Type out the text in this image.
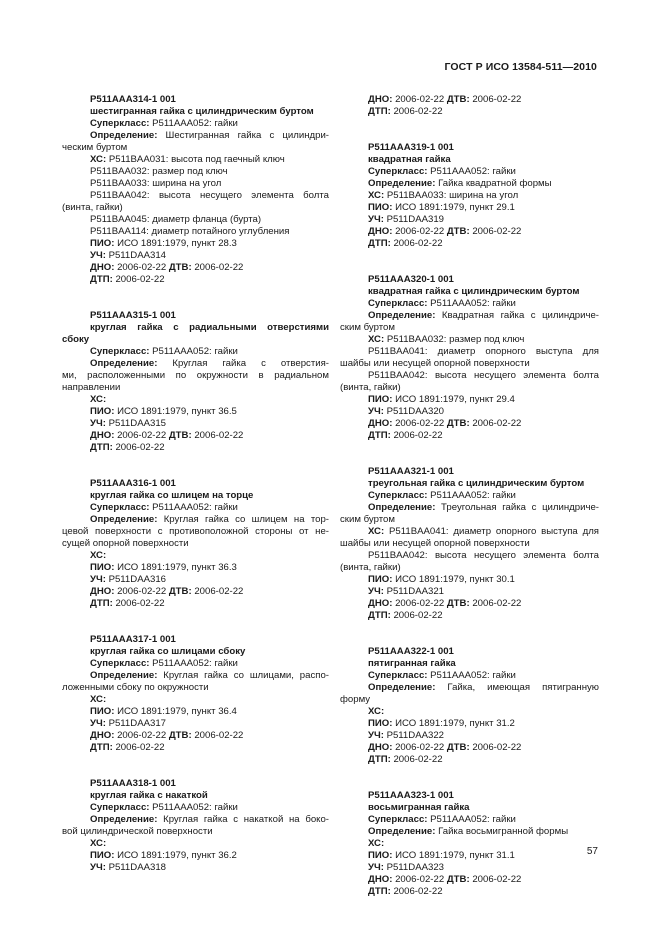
ГОСТ Р ИСО 13584-511—2010
P511AAA314-1 001
шестигранная гайка с цилиндрическим буртом
Суперкласс: P511AAA052: гайки
Определение: Шестигранная гайка с цилиндри-
ческим буртом
ХС: P511BAA031: высота под гаечный ключ
P511BAA032: размер под ключ
P511BAA033: ширина на угол
P511BAA042: высота несущего элемента болта
(винта, гайки)
P511BAA045: диаметр фланца (бурта)
P511BAA114: диаметр потайного углубления
ПИО: ИСО 1891:1979, пункт 28.3
УЧ: P511DAA314
ДНО: 2006-02-22 ДТВ: 2006-02-22
ДТП: 2006-02-22
P511AAA315-1 001
круглая гайка с радиальными отверстиями
сбоку
Суперкласс: P511AAA052: гайки
Определение: Круглая гайка с отверстия-
ми, расположенными по окружности в радиальном
направлении
ХС:
ПИО: ИСО 1891:1979, пункт 36.5
УЧ: P511DAA315
ДНО: 2006-02-22 ДТВ: 2006-02-22
ДТП: 2006-02-22
P511AAA316-1 001
круглая гайка со шлицем на торце
Суперкласс: P511AAA052: гайки
Определение: Круглая гайка со шлицем на тор-
цевой поверхности с противоположной стороны от не-
сущей опорной поверхности
ХС:
ПИО: ИСО 1891:1979, пункт 36.3
УЧ: P511DAA316
ДНО: 2006-02-22 ДТВ: 2006-02-22
ДТП: 2006-02-22
P511AAA317-1 001
круглая гайка со шлицами сбоку
Суперкласс: P511AAA052: гайки
Определение: Круглая гайка со шлицами, распо-
ложенными сбоку по окружности
ХС:
ПИО: ИСО 1891:1979, пункт 36.4
УЧ: P511DAA317
ДНО: 2006-02-22 ДТВ: 2006-02-22
ДТП: 2006-02-22
P511AAA318-1 001
круглая гайка с накаткой
Суперкласс: P511AAA052: гайки
Определение: Круглая гайка с накаткой на боко-
вой цилиндрической поверхности
ХС:
ПИО: ИСО 1891:1979, пункт 36.2
УЧ: P511DAA318
ДНО: 2006-02-22 ДТВ: 2006-02-22
ДТП: 2006-02-22
P511AAA319-1 001
квадратная гайка
Суперкласс: P511AAA052: гайки
Определение: Гайка квадратной формы
ХС: P511BAA033: ширина на угол
ПИО: ИСО 1891:1979, пункт 29.1
УЧ: P511DAA319
ДНО: 2006-02-22 ДТВ: 2006-02-22
ДТП: 2006-02-22
P511AAA320-1 001
квадратная гайка с цилиндрическим буртом
Суперкласс: P511AAA052: гайки
Определение: Квадратная гайка с цилиндриче-
ским буртом
ХС: P511BAA032: размер под ключ
P511BAA041: диаметр опорного выступа для
шайбы или несущей опорной поверхности
P511BAA042: высота несущего элемента болта
(винта, гайки)
ПИО: ИСО 1891:1979, пункт 29.4
УЧ: P511DAA320
ДНО: 2006-02-22 ДТВ: 2006-02-22
ДТП: 2006-02-22
P511AAA321-1 001
треугольная гайка с цилиндрическим буртом
Суперкласс: P511AAA052: гайки
Определение: Треугольная гайка с цилиндриче-
ским буртом
ХС: P511BAA041: диаметр опорного выступа для
шайбы или несущей опорной поверхности
P511BAA042: высота несущего элемента болта
(винта, гайки)
ПИО: ИСО 1891:1979, пункт 30.1
УЧ: P511DAA321
ДНО: 2006-02-22 ДТВ: 2006-02-22
ДТП: 2006-02-22
P511AAA322-1 001
пятигранная гайка
Суперкласс: P511AAA052: гайки
Определение: Гайка, имеющая пятигранную
форму
ХС:
ПИО: ИСО 1891:1979, пункт 31.2
УЧ: P511DAA322
ДНО: 2006-02-22 ДТВ: 2006-02-22
ДТП: 2006-02-22
P511AAA323-1 001
восьмигранная гайка
Суперкласс: P511AAA052: гайки
Определение: Гайка восьмигранной формы
ХС:
ПИО: ИСО 1891:1979, пункт 31.1
УЧ: P511DAA323
ДНО: 2006-02-22 ДТВ: 2006-02-22
ДТП: 2006-02-22
57
